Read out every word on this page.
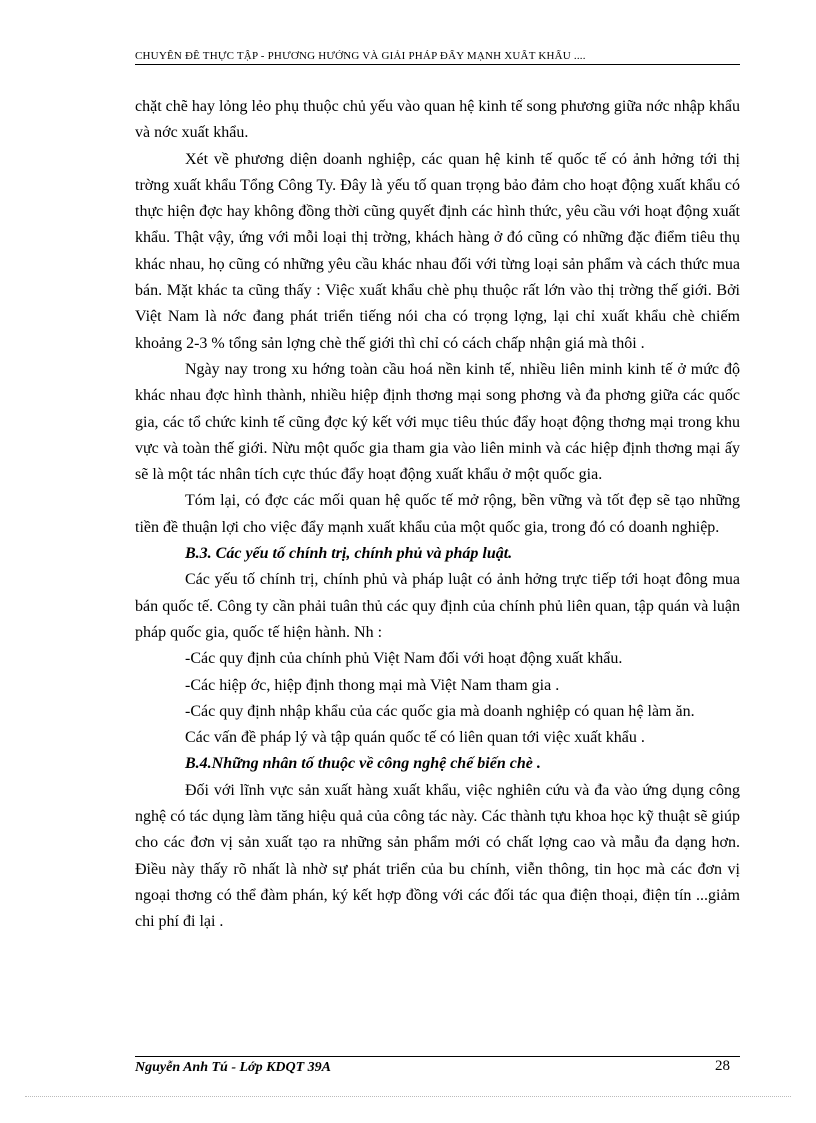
CHUYÊN ĐỀ THỰC TẬP - PHƯƠNG HƯỚNG VÀ GIẢI PHÁP ĐẨY MẠNH XUẤT KHẨU ....

chặt chẽ hay lỏng lẻo phụ thuộc chủ yếu vào quan hệ kinh tế song phương giữa nớc nhập khẩu và nớc xuất khẩu.

Xét về phương diện doanh nghiệp, các quan hệ kinh tế quốc tế có ảnh hởng tới thị trờng xuất khẩu Tổng Công Ty. Đây là yếu tố quan trọng bảo đảm cho hoạt động xuất khẩu có thực hiện đợc hay không đồng thời cũng quyết định các hình thức, yêu cầu với hoạt động xuất khẩu. Thật vậy, ứng với mỗi loại thị trờng, khách hàng ở đó cũng có những đặc điểm tiêu thụ khác nhau, họ cũng có những yêu cầu khác nhau đối với từng loại sản phẩm và cách thức mua bán. Mặt khác ta cũng thấy : Việc xuất khẩu chè phụ thuộc rất lớn vào thị trờng thế giới. Bởi Việt Nam là nớc đang phát triển tiếng nói cha có trọng lợng, lại chỉ xuất khẩu chè chiếm khoảng 2-3 % tổng sản lợng chè thế giới thì chỉ có cách chấp nhận giá mà thôi .

Ngày nay trong xu hớng toàn cầu hoá nền kinh tế, nhiều liên minh kinh tế ở mức độ khác nhau đợc hình thành, nhiều hiệp định thơng mại song phơng và đa phơng giữa các quốc gia, các tổ chức kinh tế cũng đợc ký kết với mục tiêu thúc đẩy hoạt động thơng mại trong khu vực và toàn thế giới. Nừu một quốc gia tham gia vào liên minh và các hiệp định thơng mại ấy sẽ là một tác nhân tích cực thúc đẩy hoạt động xuất khẩu ở một quốc gia.

Tóm lại, có đợc các mối quan hệ quốc tế mở rộng, bền vững và tốt đẹp sẽ tạo những tiền đề thuận lợi cho việc đẩy mạnh xuất khẩu của một quốc gia, trong đó có doanh nghiệp.

B.3. Các yếu tố chính trị, chính phủ và pháp luật.

Các yếu tố chính trị, chính phủ và pháp luật có ảnh hởng trực tiếp tới hoạt đông mua bán quốc tế. Công ty cần phải tuân thủ các quy định của chính phủ liên quan, tập quán và luận pháp quốc gia, quốc tế hiện hành. Nh :

-Các quy định của chính phủ Việt Nam đối với hoạt động xuất khẩu.

-Các hiệp ớc, hiệp định thong mại mà Việt Nam tham gia .

-Các quy định nhập khẩu của các quốc gia mà doanh nghiệp có quan hệ làm ăn.

Các vấn đề pháp lý và tập quán quốc tế có liên quan tới việc xuất khẩu .

B.4.Những nhân tố thuộc về công nghệ chế biến chè .

Đối với lĩnh vực sản xuất hàng xuất khẩu, việc nghiên cứu và đa vào ứng dụng công nghệ có tác dụng làm tăng hiệu quả của công tác này. Các thành tựu khoa học kỹ thuật sẽ giúp cho các đơn vị sản xuất tạo ra những sản phẩm mới có chất lợng cao và mẫu đa dạng hơn. Điều này thấy rõ nhất là nhờ sự phát triển của bu chính, viễn thông, tin học mà các đơn vị ngoại thơng có thể đàm phán, ký kết hợp đồng với các đối tác qua điện thoại, điện tín ...giảm chi phí đi lại .

Nguyễn Anh Tú - Lớp KDQT 39A	28
